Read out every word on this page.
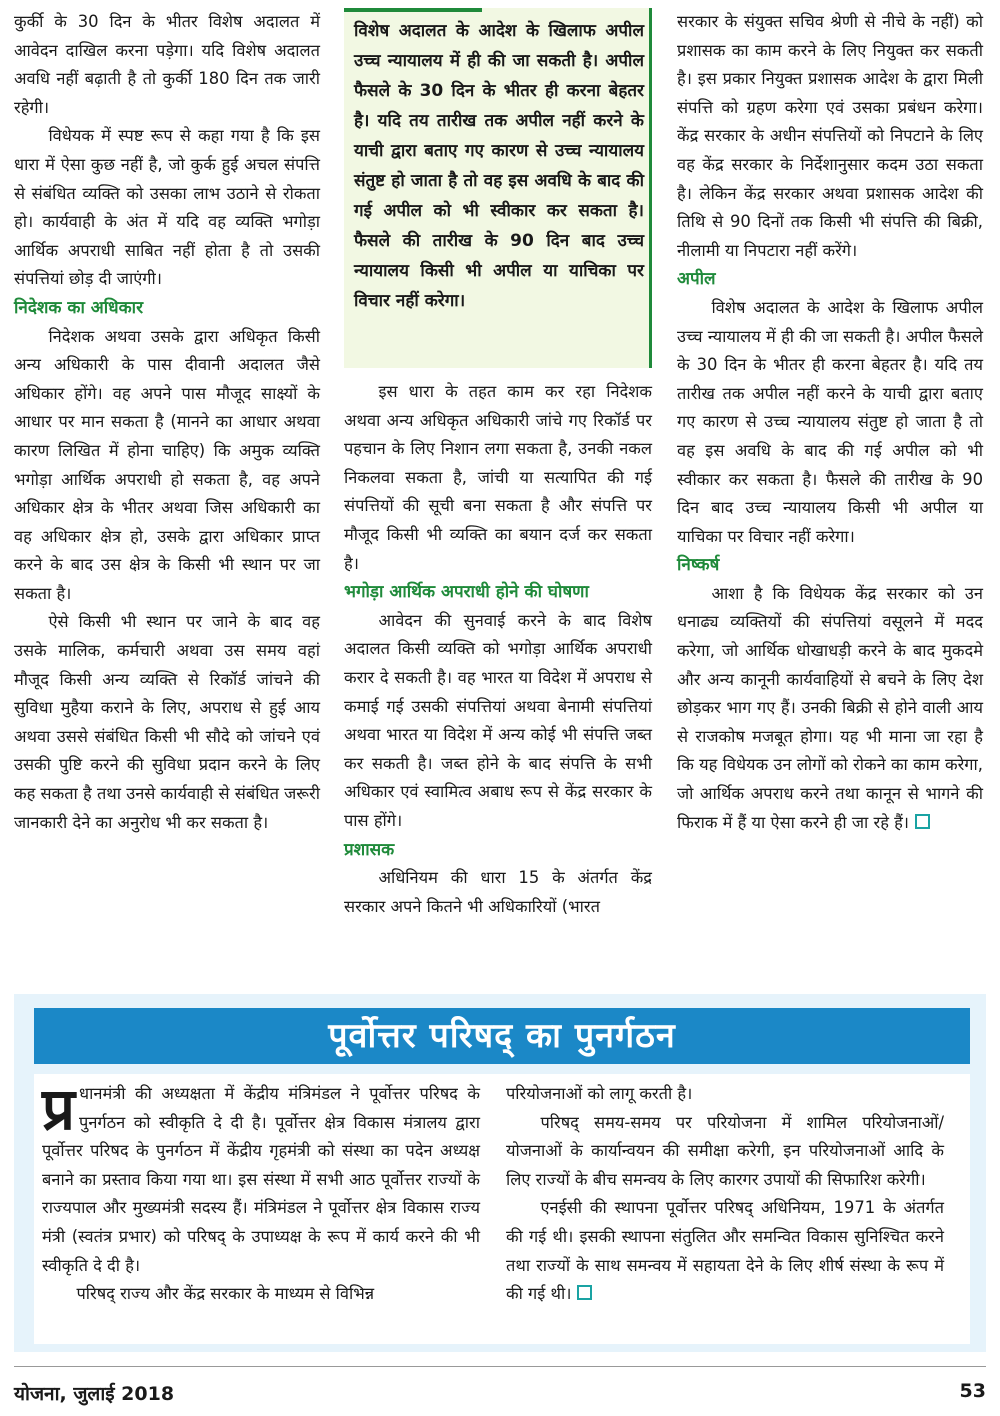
कुर्की के 30 दिन के भीतर विशेष अदालत में आवेदन दाखिल करना पड़ेगा। यदि विशेष अदालत अवधि नहीं बढ़ाती है तो कुर्की 180 दिन तक जारी रहेगी।

विधेयक में स्पष्ट रूप से कहा गया है कि इस धारा में ऐसा कुछ नहीं है, जो कुर्क हुई अचल संपत्ति से संबंधित व्यक्ति को उसका लाभ उठाने से रोकता हो। कार्यवाही के अंत में यदि वह व्यक्ति भगोड़ा आर्थिक अपराधी साबित नहीं होता है तो उसकी संपत्तियां छोड़ दी जाएंगी।

निदेशक का अधिकार

निदेशक अथवा उसके द्वारा अधिकृत किसी अन्य अधिकारी के पास दीवानी अदालत जैसे अधिकार होंगे। वह अपने पास मौजूद साक्ष्यों के आधार पर मान सकता है (मानने का आधार अथवा कारण लिखित में होना चाहिए) कि अमुक व्यक्ति भगोड़ा आर्थिक अपराधी हो सकता है, वह अपने अधिकार क्षेत्र के भीतर अथवा जिस अधिकारी का वह अधिकार क्षेत्र हो, उसके द्वारा अधिकार प्राप्त करने के बाद उस क्षेत्र के किसी भी स्थान पर जा सकता है।

ऐसे किसी भी स्थान पर जाने के बाद वह उसके मालिक, कर्मचारी अथवा उस समय वहां मौजूद किसी अन्य व्यक्ति से रिकॉर्ड जांचने की सुविधा मुहैया कराने के लिए, अपराध से हुई आय अथवा उससे संबंधित किसी भी सौदे को जांचने एवं उसकी पुष्टि करने की सुविधा प्रदान करने के लिए कह सकता है तथा उनसे कार्यवाही से संबंधित जरूरी जानकारी देने का अनुरोध भी कर सकता है।

विशेष अदालत के आदेश के खिलाफ अपील उच्च न्यायालय में ही की जा सकती है। अपील फैसले के 30 दिन के भीतर ही करना बेहतर है। यदि तय तारीख तक अपील नहीं करने के याची द्वारा बताए गए कारण से उच्च न्यायालय संतुष्ट हो जाता है तो वह इस अवधि के बाद की गई अपील को भी स्वीकार कर सकता है। फैसले की तारीख के 90 दिन बाद उच्च न्यायालय किसी भी अपील या याचिका पर विचार नहीं करेगा।

इस धारा के तहत काम कर रहा निदेशक अथवा अन्य अधिकृत अधिकारी जांचे गए रिकॉर्ड पर पहचान के लिए निशान लगा सकता है, उनकी नकल निकलवा सकता है, जांची या सत्यापित की गई संपत्तियों की सूची बना सकता है और संपत्ति पर मौजूद किसी भी व्यक्ति का बयान दर्ज कर सकता है।

भगोड़ा आर्थिक अपराधी होने की घोषणा

आवेदन की सुनवाई करने के बाद विशेष अदालत किसी व्यक्ति को भगोड़ा आर्थिक अपराधी करार दे सकती है। वह भारत या विदेश में अपराध से कमाई गई उसकी संपत्तियां अथवा बेनामी संपत्तियां अथवा भारत या विदेश में अन्य कोई भी संपत्ति जब्त कर सकती है। जब्त होने के बाद संपत्ति के सभी अधिकार एवं स्वामित्व अबाध रूप से केंद्र सरकार के पास होंगे।

प्रशासक

अधिनियम की धारा 15 के अंतर्गत केंद्र सरकार अपने कितने भी अधिकारियों (भारत

सरकार के संयुक्त सचिव श्रेणी से नीचे के नहीं) को प्रशासक का काम करने के लिए नियुक्त कर सकती है। इस प्रकार नियुक्त प्रशासक आदेश के द्वारा मिली संपत्ति को ग्रहण करेगा एवं उसका प्रबंधन करेगा। केंद्र सरकार के अधीन संपत्तियों को निपटाने के लिए वह केंद्र सरकार के निर्देशानुसार कदम उठा सकता है। लेकिन केंद्र सरकार अथवा प्रशासक आदेश की तिथि से 90 दिनों तक किसी भी संपत्ति की बिक्री, नीलामी या निपटारा नहीं करेंगे।

अपील

विशेष अदालत के आदेश के खिलाफ अपील उच्च न्यायालय में ही की जा सकती है। अपील फैसले के 30 दिन के भीतर ही करना बेहतर है। यदि तय तारीख तक अपील नहीं करने के याची द्वारा बताए गए कारण से उच्च न्यायालय संतुष्ट हो जाता है तो वह इस अवधि के बाद की गई अपील को भी स्वीकार कर सकता है। फैसले की तारीख के 90 दिन बाद उच्च न्यायालय किसी भी अपील या याचिका पर विचार नहीं करेगा।

निष्कर्ष

आशा है कि विधेयक केंद्र सरकार को उन धनाढ्य व्यक्तियों की संपत्तियां वसूलने में मदद करेगा, जो आर्थिक धोखाधड़ी करने के बाद मुकदमे और अन्य कानूनी कार्यवाहियों से बचने के लिए देश छोड़कर भाग गए हैं। उनकी बिक्री से होने वाली आय से राजकोष मजबूत होगा। यह भी माना जा रहा है कि यह विधेयक उन लोगों को रोकने का काम करेगा, जो आर्थिक अपराध करने तथा कानून से भागने की फिराक में हैं या ऐसा करने ही जा रहे हैं।

पूर्वोत्तर परिषद् का पुनर्गठन

प्र धानमंत्री की अध्यक्षता में केंद्रीय मंत्रिमंडल ने पूर्वोत्तर परिषद के पुनर्गठन को स्वीकृति दे दी है। पूर्वोत्तर क्षेत्र विकास मंत्रालय द्वारा पूर्वोत्तर परिषद के पुनर्गठन में केंद्रीय गृहमंत्री को संस्था का पदेन अध्यक्ष बनाने का प्रस्ताव किया गया था। इस संस्था में सभी आठ पूर्वोत्तर राज्यों के राज्यपाल और मुख्यमंत्री सदस्य हैं। मंत्रिमंडल ने पूर्वोत्तर क्षेत्र विकास राज्य मंत्री (स्वतंत्र प्रभार) को परिषद् के उपाध्यक्ष के रूप में कार्य करने की भी स्वीकृति दे दी है।

परिषद् राज्य और केंद्र सरकार के माध्यम से विभिन्न

परियोजनाओं को लागू करती है।

परिषद् समय-समय पर परियोजना में शामिल परियोजनाओं/ योजनाओं के कार्यान्वयन की समीक्षा करेगी, इन परियोजनाओं आदि के लिए राज्यों के बीच समन्वय के लिए कारगर उपायों की सिफारिश करेगी।

एनईसी की स्थापना पूर्वोत्तर परिषद् अधिनियम, 1971 के अंतर्गत की गई थी। इसकी स्थापना संतुलित और समन्वित विकास सुनिश्चित करने तथा राज्यों के साथ समन्वय में सहायता देने के लिए शीर्ष संस्था के रूप में की गई थी।

योजना, जुलाई 2018	53
